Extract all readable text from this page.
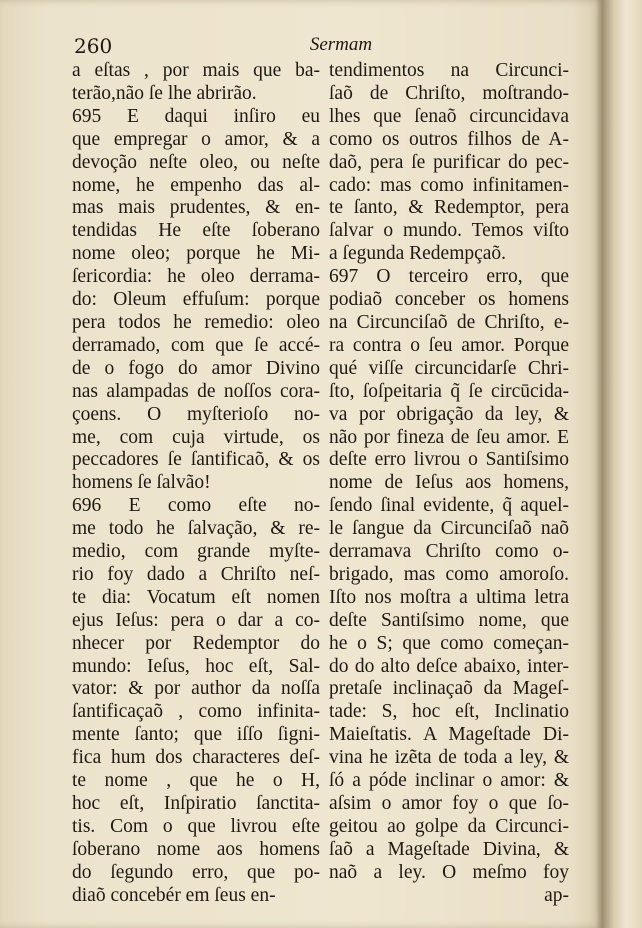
260	Sermam
a eſtas , por mais que ba-
terão,não ſe lhe abrirão.
695 E daqui inſiro eu
que empregar o amor, & a
devoção neſte oleo, ou neſte
nome, he empenho das al-
mas mais prudentes, & en-
tendidas He eſte ſoberano
nome oleo; porque he Mi-
ſericordia: he oleo derrama-
do: Oleum effuſum: porque
pera todos he remedio: oleo
derramado, com que ſe accé-
de o fogo do amor Divino
nas alampadas de noſſos cora-
çoens. O myſterioſo no-
me, com cuja virtude, os
peccadores ſe ſantificaõ, & os
homens ſe ſalvão!
696 E como eſte no-
me todo he ſalvação, & re-
medio, com grande myſte-
rio foy dado a Chriſto neſ-
te dia: Vocatum eſt nomen
ejus Ieſus: pera o dar a co-
nhecer por Redemptor do
mundo: Ieſus, hoc eſt, Sal-
vator: & por author da noſſa
ſantificaçaõ , como infinita-
mente ſanto; que iſſo ſigni-
fica hum dos characteres deſ-
te nome , que he o H,
hoc eſt, Inſpiratio ſanctita-
tis. Com o que livrou eſte
ſoberano nome aos homens
do ſegundo erro, que po-
diaõ concebér em ſeus en-
tendimentos na Circunci-
ſaõ de Chriſto, moſtrando-
lhes que ſenaõ circuncidava
como os outros filhos de A-
daõ, pera ſe purificar do pec-
cado: mas como infinitamen-
te ſanto, & Redemptor, pera
ſalvar o mundo. Temos viſto
a ſegunda Redempçaõ.
697 O terceiro erro, que
podiaõ conceber os homens
na Circunciſaõ de Chriſto, e-
ra contra o ſeu amor. Porque
qué viſſe circuncidarſe Chri-
ſto, ſoſpeitaria q̃ ſe circūcida-
va por obrigação da ley, &
não por fineza de ſeu amor. E
deſte erro livrou o Santiſsimo
nome de Ieſus aos homens,
ſendo ſinal evidente, q̃ aquel-
le ſangue da Circunciſaõ naõ
derramava Chriſto como o-
brigado, mas como amoroſo.
Iſto nos moſtra a ultima letra
deſte Santiſsimo nome, que
he o S; que como começan-
do do alto deſce abaixo, inter-
pretaſe inclinaçaõ da Mageſ-
tade: S, hoc eſt, Inclinatio
Maieſtatis. A Mageſtade Di-
vina he izẽta de toda a ley, &
ſó a póde inclinar o amor: &
aſsim o amor foy o que ſo-
geitou ao golpe da Circunci-
ſaõ a Mageſtade Divina, &
naõ a ley. O meſmo foy
ap-
